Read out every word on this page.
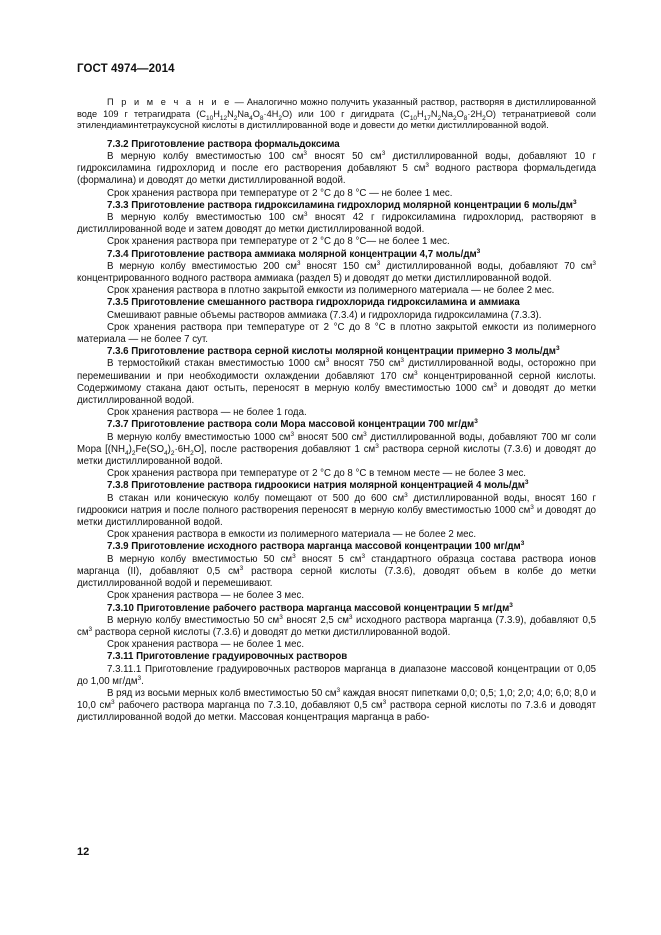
ГОСТ 4974—2014

П р и м е ч а н и е — Аналогично можно получить указанный раствор, растворяя в дистиллированной воде 109 г тетрагидрата $(C_{10}H_{12}N_2Na_4O_8\cdot 4H_2O)$ или 100 г дигидрата $(C_{10}H_{17}N_2Na_2O_8\cdot 2H_2O)$ тетранатриевой соли этилендиаминтетрауксусной кислоты в дистиллированной воде и довести до метки дистиллированной водой.

7.3.2 Приготовление раствора формальдоксима

В мерную колбу вместимостью 100 $см^3$ вносят 50 $см^3$ дистиллированной воды, добавляют 10 г гидроксиламина гидрохлорид и после его растворения добавляют 5 $см^3$ водного раствора формальдегида (формалина) и доводят до метки дистиллированной водой.

Срок хранения раствора при температуре от 2 °С до 8 °С — не более 1 мес.

7.3.3 Приготовление раствора гидроксиламина гидрохлорид молярной концентрации 6 моль/$дм^3$

В мерную колбу вместимостью 100 $см^3$ вносят 42 г гидроксиламина гидрохлорид, растворяют в дистиллированной воде и затем доводят до метки дистиллированной водой.

Срок хранения раствора при температуре от 2 °С до 8 °С— не более 1 мес.

7.3.4 Приготовление раствора аммиака молярной концентрации 4,7 моль/$дм^3$

В мерную колбу вместимостью 200 $см^3$ вносят 150 $см^3$ дистиллированной воды, добавляют 70 $см^3$ концентрированного водного раствора аммиака (раздел 5) и доводят до метки дистиллированной водой.

Срок хранения раствора в плотно закрытой емкости из полимерного материала — не более 2 мес.

7.3.5 Приготовление смешанного раствора гидрохлорида гидроксиламина и аммиака

Смешивают равные объемы растворов аммиака (7.3.4) и гидрохлорида гидроксиламина (7.3.3).

Срок хранения раствора при температуре от 2 °С до 8 °С в плотно закрытой емкости из полимерного материала — не более 7 сут.

7.3.6 Приготовление раствора серной кислоты молярной концентрации примерно 3 моль/$дм^3$

В термостойкий стакан вместимостью 1000 $см^3$ вносят 750 $см^3$ дистиллированной воды, осторожно при перемешивании и при необходимости охлаждении добавляют 170 $см^3$ концентрированной серной кислоты. Содержимому стакана дают остыть, переносят в мерную колбу вместимостью 1000 $см^3$ и доводят до метки дистиллированной водой.

Срок хранения раствора — не более 1 года.

7.3.7 Приготовление раствора соли Мора массовой концентрации 700 $мг/дм^3$

В мерную колбу вместимостью 1000 $см^3$ вносят 500 $см^3$ дистиллированной воды, добавляют 700 мг соли Мора $[(NH_4)_2Fe(SO_4)_2\cdot 6H_2O]$, после растворения добавляют 1 $см^3$ раствора серной кислоты (7.3.6) и доводят до метки дистиллированной водой.

Срок хранения раствора при температуре от 2 °С до 8 °С в темном месте — не более 3 мес.

7.3.8 Приготовление раствора гидроокиси натрия молярной концентрацией 4 моль/$дм^3$

В стакан или коническую колбу помещают от 500 до 600 $см^3$ дистиллированной воды, вносят 160 г гидроокиси натрия и после полного растворения переносят в мерную колбу вместимостью 1000 $см^3$ и доводят до метки дистиллированной водой.

Срок хранения раствора в емкости из полимерного материала — не более 2 мес.

7.3.9 Приготовление исходного раствора марганца массовой концентрации 100 $мг/дм^3$

В мерную колбу вместимостью 50 $см^3$ вносят 5 $см^3$ стандартного образца состава раствора ионов марганца (II), добавляют 0,5 $см^3$ раствора серной кислоты (7.3.6), доводят объем в колбе до метки дистиллированной водой и перемешивают.

Срок хранения раствора — не более 3 мес.

7.3.10 Приготовление рабочего раствора марганца массовой концентрации 5 $мг/дм^3$

В мерную колбу вместимостью 50 $см^3$ вносят 2,5 $см^3$ исходного раствора марганца (7.3.9), добавляют 0,5 $см^3$ раствора серной кислоты (7.3.6) и доводят до метки дистиллированной водой.

Срок хранения раствора — не более 1 мес.

7.3.11 Приготовление градуировочных растворов

7.3.11.1 Приготовление градуировочных растворов марганца в диапазоне массовой концентрации от 0,05 до 1,00 $мг/дм^3$.

В ряд из восьми мерных колб вместимостью 50 $см^3$ каждая вносят пипетками 0,0; 0,5; 1,0; 2,0; 4,0; 6,0; 8,0 и 10,0 $см^3$ рабочего раствора марганца по 7.3.10, добавляют 0,5 $см^3$ раствора серной кислоты по 7.3.6 и доводят дистиллированной водой до метки. Массовая концентрация марганца в рабо-

12
